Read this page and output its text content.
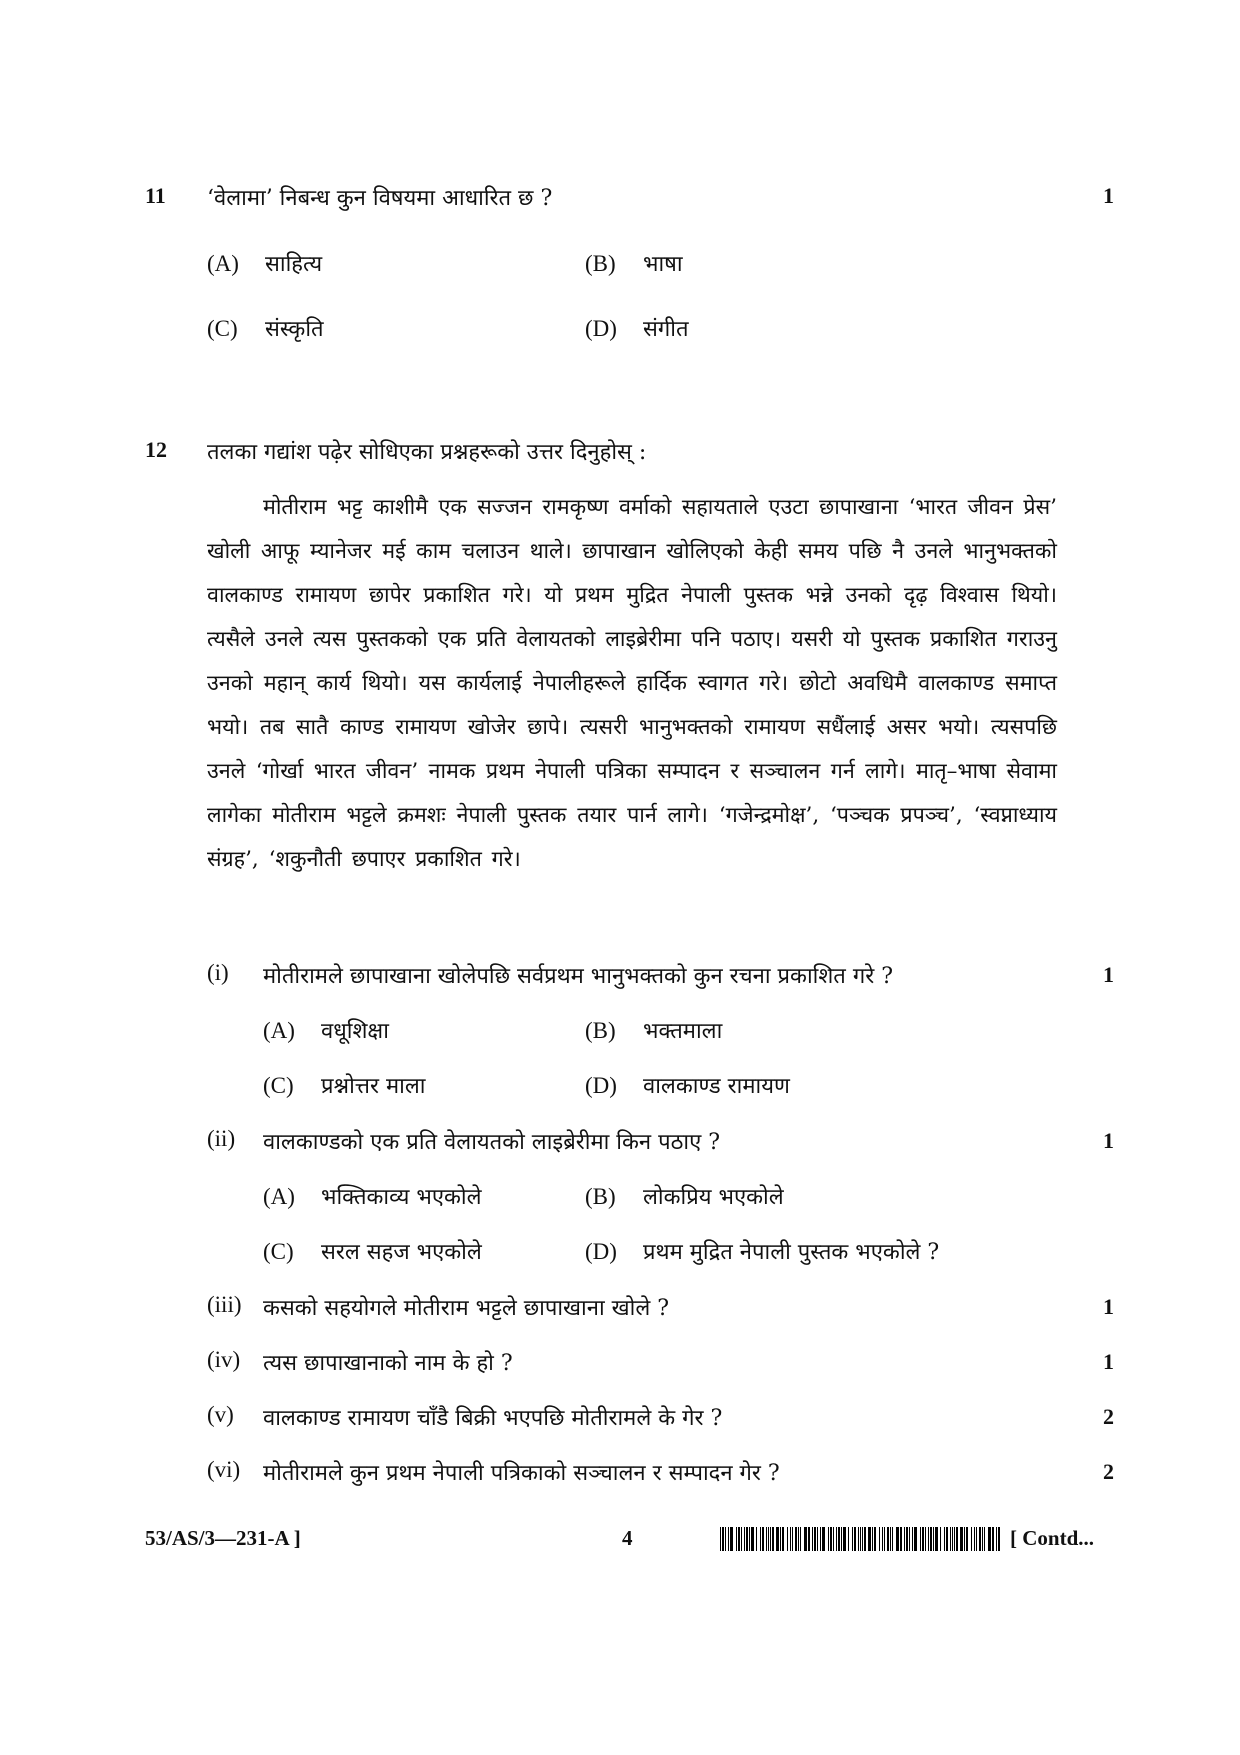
11 ‘वेलामा’ निबन्ध कुन विषयमा आधारित छ ?	1
(A) साहित्य	(B) भाषा
(C) संस्कृति	(D) संगीत
12 तलका गद्यांश पढ़ेर सोधिएका प्रश्नहरूको उत्तर दिनुहोस् :
मोतीराम भट्ट काशीमै एक सज्जन रामकृष्ण वर्माको सहायताले एउटा छापाखाना ‘भारत जीवन प्रेस’ खोली आफू म्यानेजर मई काम चलाउन थाले। छापाखान खोलिएको केही समय पछि नै उनले भानुभक्तको वालकाण्ड रामायण छापेर प्रकाशित गरे। यो प्रथम मुद्रित नेपाली पुस्तक भन्ने उनको दृढ़ विश्वास थियो। त्यसैले उनले त्यस पुस्तकको एक प्रति वेलायतको लाइब्रेरीमा पनि पठाए। यसरी यो पुस्तक प्रकाशित गराउनु उनको महान् कार्य थियो। यस कार्यलाई नेपालीहरूले हार्दिक स्वागत गरे। छोटो अवधिमै वालकाण्ड समाप्त भयो। तब सातै काण्ड रामायण खोजेर छापे। त्यसरी भानुभक्तको रामायण सधैंलाई असर भयो। त्यसपछि उनले ‘गोर्खा भारत जीवन’ नामक प्रथम नेपाली पत्रिका सम्पादन र सञ्चालन गर्न लागे। मातृ–भाषा सेवामा लागेका मोतीराम भट्टले क्रमशः नेपाली पुस्तक तयार पार्न लागे। ‘गजेन्द्रमोक्ष’, ‘पञ्चक प्रपञ्च’, ‘स्वप्नाध्याय संग्रह’, ‘शकुनौती छपाएर प्रकाशित गरे।
(i) मोतीरामले छापाखाना खोलेपछि सर्वप्रथम भानुभक्तको कुन रचना प्रकाशित गरे ?	1
(A) वधूशिक्षा	(B) भक्तमाला
(C) प्रश्नोत्तर माला	(D) वालकाण्ड रामायण
(ii) वालकाण्डको एक प्रति वेलायतको लाइब्रेरीमा किन पठाए ?	1
(A) भक्तिकाव्य भएकोले	(B) लोकप्रिय भएकोले
(C) सरल सहज भएकोले	(D) प्रथम मुद्रित नेपाली पुस्तक भएकोले ?
(iii) कसको सहयोगले मोतीराम भट्टले छापाखाना खोले ?	1
(iv) त्यस छापाखानाको नाम के हो ?	1
(v) वालकाण्ड रामायण चाँडै बिक्री भएपछि मोतीरामले के गेर ?	2
(vi) मोतीरामले कुन प्रथम नेपाली पत्रिकाको सञ्चालन र सम्पादन गेर ?	2
53/AS/3—231-A ]	4	[ Contd...
